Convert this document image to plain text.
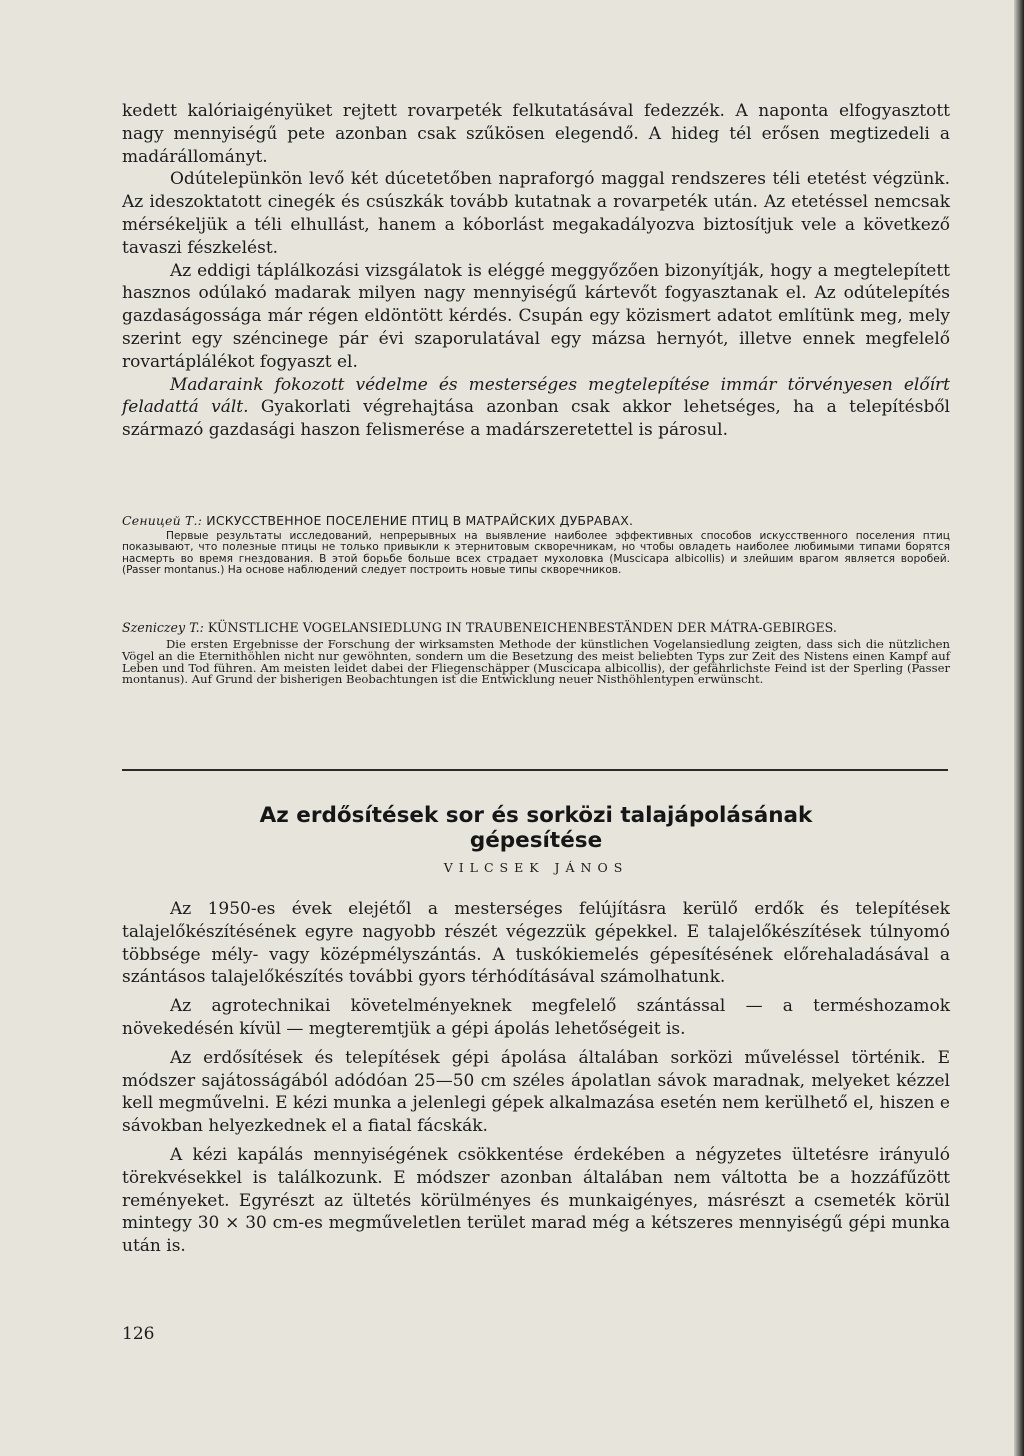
kedett kalóriaigényüket rejtett rovarpeték felkutatásával fedezzék. A naponta elfogyasztott nagy mennyiségű pete azonban csak szűkösen elegendő. A hideg tél erősen megtizedeli a madárállományt.

Odútelepünkön levő két dúcetetőben napraforgó maggal rendszeres téli etetést végzünk. Az ideszoktatott cinegék és csúszkák tovább kutatnak a rovarpeték után. Az etetéssel nemcsak mérsékeljük a téli elhullást, hanem a kóborlást megakadályozva biztosítjuk vele a következő tavaszi fészkelést.

Az eddigi táplálkozási vizsgálatok is eléggé meggyőzően bizonyítják, hogy a megtelepített hasznos odúlakó madarak milyen nagy mennyiségű kártevőt fogyasztanak el. Az odútelepítés gazdaságossága már régen eldöntött kérdés. Csupán egy közismert adatot említünk meg, mely szerint egy széncinege pár évi szaporulatával egy mázsa hernyót, illetve ennek megfelelő rovartáplálékot fogyaszt el.

Madaraink fokozott védelme és mesterséges megtelepítése immár törvényesen előírt feladattá vált. Gyakorlati végrehajtása azonban csak akkor lehetséges, ha a telepítésből származó gazdasági haszon felismerése a madárszeretettel is párosul.

Сеницей Т.: ИСКУССТВЕННОЕ ПОСЕЛЕНИЕ ПТИЦ В МАТРАЙСКИХ ДУБРАВАХ.

Первые результаты исследований, непрерывных на выявление наиболее эффективных способов искусственного поселения птиц показывают, что полезные птицы не только привыкли к этернитовым скворечникам, но чтобы овладеть наиболее любимыми типами борятся насмерть во время гнездования. В этой борьбе больше всех страдает мухоловка (Muscicapa albicollis) и злейшим врагом является воробей. (Passer montanus.) На основе наблюдений следует построить новые типы скворечников.

Szeniczey T.: KÜNSTLICHE VOGELANSIEDLUNG IN TRAUBENEICHENBESTÄNDEN DER MÁTRA-GEBIRGES.

Die ersten Ergebnisse der Forschung der wirksamsten Methode der künstlichen Vogelansiedlung zeigten, dass sich die nützlichen Vögel an die Eternithöhlen nicht nur gewöhnten, sondern um die Besetzung des meist beliebten Typs zur Zeit des Nistens einen Kampf auf Leben und Tod führen. Am meisten leidet dabei der Fliegenschäpper (Muscicapa albicollis), der gefährlichste Feind ist der Sperling (Passer montanus). Auf Grund der bisherigen Beobachtungen ist die Entwicklung neuer Nisthöhlentypen erwünscht.

Az erdősítések sor és sorközi talajápolásának
gépesítése

VILCSEK JÁNOS

Az 1950-es évek elejétől a mesterséges felújításra kerülő erdők és telepítések talajelőkészítésének egyre nagyobb részét végezzük gépekkel. E talajelőkészítések túlnyomó többsége mély- vagy középmélyszántás. A tuskókiemelés gépesítésének előrehaladásával a szántásos talajelőkészítés további gyors térhódításával számolhatunk.

Az agrotechnikai követelményeknek megfelelő szántással — a terméshozamok növekedésén kívül — megteremtjük a gépi ápolás lehetőségeit is.

Az erdősítések és telepítések gépi ápolása általában sorközi műveléssel történik. E módszer sajátosságából adódóan 25—50 cm széles ápolatlan sávok maradnak, melyeket kézzel kell megművelni. E kézi munka a jelenlegi gépek alkalmazása esetén nem kerülhető el, hiszen e sávokban helyezkednek el a fiatal fácskák.

A kézi kapálás mennyiségének csökkentése érdekében a négyzetes ültetésre irányuló törekvésekkel is találkozunk. E módszer azonban általában nem váltotta be a hozzáfűzött reményeket. Egyrészt az ültetés körülményes és munkaigényes, másrészt a csemeték körül mintegy 30 ⨯ 30 cm-es megműveletlen terület marad még a kétszeres mennyiségű gépi munka után is.

126
